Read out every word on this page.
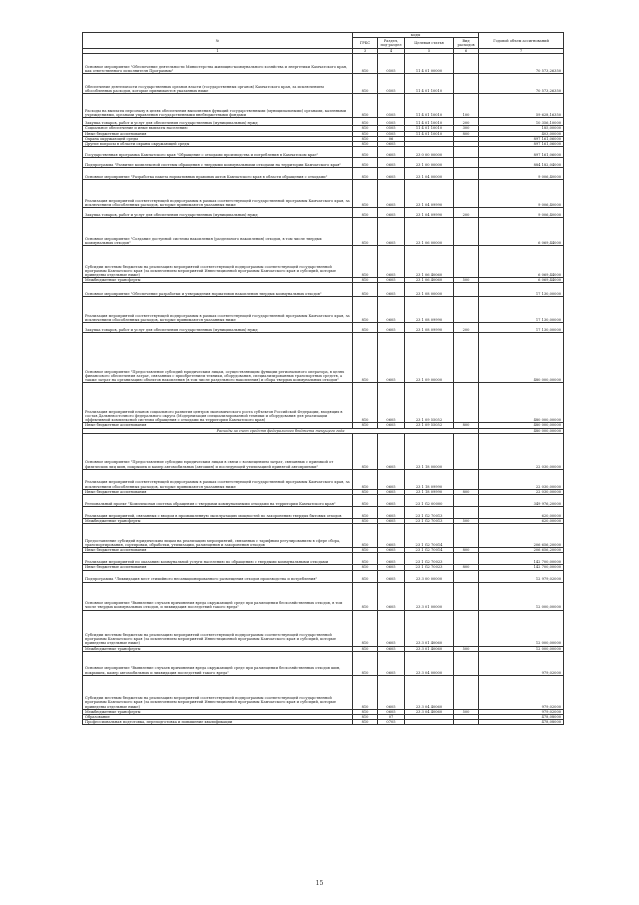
№	коды				Годовой объем ассигнований
	ГРБС	Раздел, под-раздел	Целевая статья	Вид расходов	
1	3	4	5	6	7
Основное мероприятие "Обеспечение деятельности Министерства жилищно-коммунального хозяйства и энергетики Камчатского края, как ответственного исполнителя Программы"	810	0505	11 4 01 00000		70 573,26350
Обеспечение деятельности государственных органов власти (государственных органов) Камчатского края, за исключением обособленных расходов, которые принимаются указанных ниже	810	0505	11 4 01 10010		70 573,26350
Расходы на выплаты персоналу в целях обеспечения выполнения функций государственными (муниципальными) органами, казенными учреждениями, органами управления государственными внебюджетными фондами	810	0505	11 4 01 10010	100	59 628,16350
Закупка товаров, работ и услуг для обеспечения государственных (муниципальных) нужд	810	0505	11 4 01 10010	200	10 356,10000
Социальное обеспечение и иные выплаты населению	810	0505	11 4 01 10010	300	185,00000
Иные бюджетные ассигнования	810	0505	11 4 01 10010	800	403,00000
Охрана окружающей среды	810	06			897 161,06000
Другие вопросы в области охраны окружающей среды	810	0605			897 161,06000
Государственная программа Камчатского края "Обращение с отходами производства и потребления в Камчатском крае"	810	0605	23 0 00 00000		897 161,06000
Подпрограмма "Развитие комплексной системы обращения с твердыми коммунальными отходами на территории Камчатского края"	810	0605	23 1 00 00000		884 182,04000
Основное мероприятие "Разработка пакета нормативных правовых актов Камчатского края в области обращения с отходами"	810	0605	23 1 04 00000		9 006,40000
Реализация мероприятий соответствующей подпрограммы в рамках соответствующей государственной программы Камчатского края, за исключением обособленных расходов, которые принимаются указанных ниже	810	0605	23 1 04 09990		9 006,40000
Закупка товаров, работ и услуг для обеспечения государственных (муниципальных) нужд	810	0605	23 1 04 09990	200	9 006,40000
Основное мероприятие "Создание доступной системы накопления (раздельного накопления) отходов, в том числе твердых коммунальных отходов"	810	0605	23 1 06 00000		6 069,44000
Субсидии местным бюджетам на реализацию мероприятий соответствующей подпрограммы соответствующей государственной программы Камчатского края (за исключением мероприятий Инвестиционной программы Камчатского края и субсидий, которые приведены отдельные ниже)	810	0605	23 1 06 40060		6 069,44000
Межбюджетные трансферты	810	0605	23 1 06 40060	500	6 069,44000
Основное мероприятие "Обеспечение разработки и утверждения нормативов накопления твердых коммунальных отходов"	810	0605	23 1 08 00000		17 130,00000
Реализация мероприятий соответствующей подпрограммы в рамках соответствующей государственной программы Камчатского края, за исключением обособленных расходов, которые принимаются указанных ниже	810	0605	23 1 08 09990		17 130,00000
Закупка товаров, работ и услуг для обеспечения государственных (муниципальных) нужд	810	0605	23 1 08 09990	200	17 130,00000
Основное мероприятие "Предоставление субсидий юридическим лицам, осуществляющим функции регионального оператора, в целях финансового обеспечения затрат, связанных с приобретением техники, оборудования, специализированных транспортных средств, а также затрат на организацию объектов накопления (в том числе раздельного накопления) и сбора твердых коммунальных отходов"	810	0605	23 1 09 00000		480 000,00000
Реализация мероприятий планов социального развития центров экономического роста субъектов Российской Федерации, входящих в состав Дальневосточного федерального округа (Модернизация специализированной техники и оборудования для реализации эффективной комплексной системы обращения с отходами на территории Камчатского края)	810	0605	23 1 09 55052		480 000,00000
Иные бюджетные ассигнования	810	0605	23 1 09 55052	800	480 000,00000
Расходы за счет средств федерального бюджета текущего года					480 000,00000
Основное мероприятие "Предоставление субсидии юридическим лицам в связи с возмещением затрат, связанных с приемкой от физических лиц шин, покрышек и камер автомобильных (автошин) и последующей утилизацией принятой автоприемки"	810	0605	23 1 18 00000		22 030,00000
Реализация мероприятий соответствующей подпрограммы в рамках соответствующей государственной программы Камчатского края, за исключением обособленных расходов, которые принимаются указанных ниже	810	0605	23 1 18 09990		22 030,00000
Иные бюджетные ассигнования	810	0605	23 1 18 09990	800	22 030,00000
Региональный проект "Комплексная система обращения с твердыми коммунальными отходами на территории Камчатского края"	810	0605	23 1 G2 00000		349 976,20000
Реализация мероприятий, связанных с вводом в промышленную эксплуатацию мощностей по захоронению твердых бытовых отходов	810	0605	23 1 G2 70013		620,00000
Межбюджетные трансферты	810	0605	23 1 G2 70013	500	620,00000
Предоставление субсидий юридическим лицам на реализацию мероприятий, связанных с тарифным регулированием в сфере сбора, транспортирования, сортировки, обработки, утилизации, размещения и захоронения отходов	810	0605	23 1 G2 70014		206 656,20000
Иные бюджетные ассигнования	810	0605	23 1 G2 70014	800	206 656,20000
Реализация мероприятий по оказанию коммунальной услуги населению по обращению с твердыми коммунальными отходами	810	0605	23 1 G2 70023		142 700,00000
Иные бюджетные ассигнования	810	0605	23 1 G2 70023	800	142 700,00000
Подпрограмма "Ликвидация мест стихийного несанкционированного размещения отходов производства и потребления"	810	0605	23 3 00 00000		12 979,02000
Основное мероприятие "Выявление случаев причинения вреда окружающей среде при размещении бесхозяйственных отходов, в том числе твердых коммунальных отходов, и ликвидация последствий такого вреда"	810	0605	23 3 01 00000		12 000,00000
Субсидии местным бюджетам на реализацию мероприятий соответствующей подпрограммы соответствующей государственной программы Камчатского края (за исключением мероприятий Инвестиционной программы Камчатского края и субсидий, которые приведены отдельные ниже)	810	0605	23 3 01 40060		12 000,00000
Межбюджетные трансферты	810	0605	23 3 01 40060	500	12 000,00000
Основное мероприятие "Выявление случаев причинения вреда окружающей среде при размещении бесхозяйственных отходов шин, покрышек, камер автомобильных и ликвидация последствий такого вреда"	810	0605	23 3 04 00000		979,02000
Субсидии местным бюджетам на реализацию мероприятий соответствующей подпрограммы соответствующей государственной программы Камчатского края (за исключением мероприятий Инвестиционной программы Камчатского края и субсидий, которые приведены отдельные ниже)	810	0605	23 3 04 40060		979,02000
Межбюджетные трансферты	810	0605	23 3 04 40060	500	979,02000
Образование	810	07			478,08000
Профессиональная подготовка, переподготовка и повышение квалификации	810	0705			478,08000
15
